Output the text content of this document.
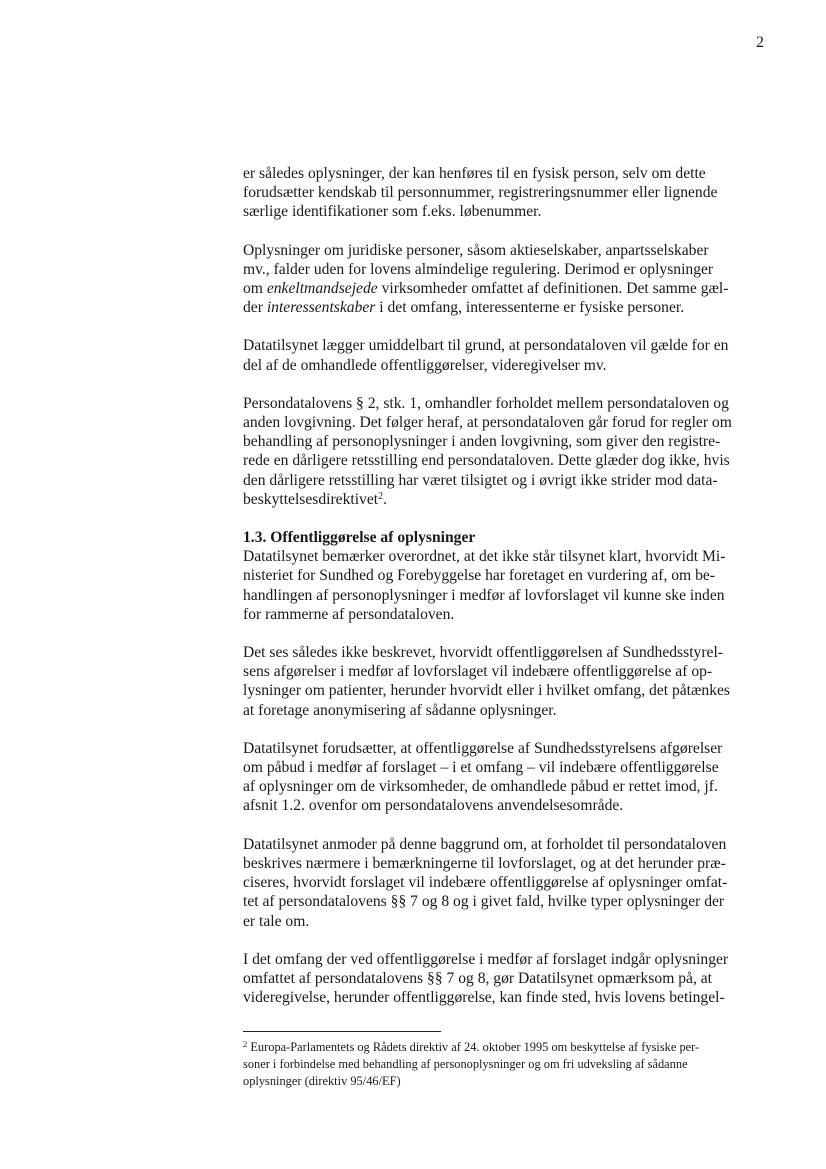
2

er således oplysninger, der kan henføres til en fysisk person, selv om dette
forudsætter kendskab til personnummer, registreringsnummer eller lignende
særlige identifikationer som f.eks. løbenummer.

Oplysninger om juridiske personer, såsom aktieselskaber, anpartsselskaber
mv., falder uden for lovens almindelige regulering. Derimod er oplysninger
om enkeltmandsejede virksomheder omfattet af definitionen. Det samme gæl-
der interessentskaber i det omfang, interessenterne er fysiske personer.

Datatilsynet lægger umiddelbart til grund, at persondataloven vil gælde for en
del af de omhandlede offentliggørelser, videregivelser mv.

Persondatalovens § 2, stk. 1, omhandler forholdet mellem persondataloven og
anden lovgivning. Det følger heraf, at persondataloven går forud for regler om
behandling af personoplysninger i anden lovgivning, som giver den registre-
rede en dårligere retsstilling end persondataloven. Dette glæder dog ikke, hvis
den dårligere retsstilling har været tilsigtet og i øvrigt ikke strider mod data-
beskyttelsesdirektivet$^2$.

1.3. Offentliggørelse af oplysninger
Datatilsynet bemærker overordnet, at det ikke står tilsynet klart, hvorvidt Mi-
nisteriet for Sundhed og Forebyggelse har foretaget en vurdering af, om be-
handlingen af personoplysninger i medfør af lovforslaget vil kunne ske inden
for rammerne af persondataloven.

Det ses således ikke beskrevet, hvorvidt offentliggørelsen af Sundhedsstyrel-
sens afgørelser i medfør af lovforslaget vil indebære offentliggørelse af op-
lysninger om patienter, herunder hvorvidt eller i hvilket omfang, det påtænkes
at foretage anonymisering af sådanne oplysninger.

Datatilsynet forudsætter, at offentliggørelse af Sundhedsstyrelsens afgørelser
om påbud i medfør af forslaget – i et omfang – vil indebære offentliggørelse
af oplysninger om de virksomheder, de omhandlede påbud er rettet imod, jf.
afsnit 1.2. ovenfor om persondatalovens anvendelsesområde.

Datatilsynet anmoder på denne baggrund om, at forholdet til persondataloven
beskrives nærmere i bemærkningerne til lovforslaget, og at det herunder præ-
ciseres, hvorvidt forslaget vil indebære offentliggørelse af oplysninger omfat-
tet af persondatalovens §§ 7 og 8 og i givet fald, hvilke typer oplysninger der
er tale om.

I det omfang der ved offentliggørelse i medfør af forslaget indgår oplysninger
omfattet af persondatalovens §§ 7 og 8, gør Datatilsynet opmærksom på, at
videregivelse, herunder offentliggørelse, kan finde sted, hvis lovens betingel-

$^2$ Europa-Parlamentets og Rådets direktiv af 24. oktober 1995 om beskyttelse af fysiske per-
soner i forbindelse med behandling af personoplysninger og om fri udveksling af sådanne
oplysninger (direktiv 95/46/EF)
